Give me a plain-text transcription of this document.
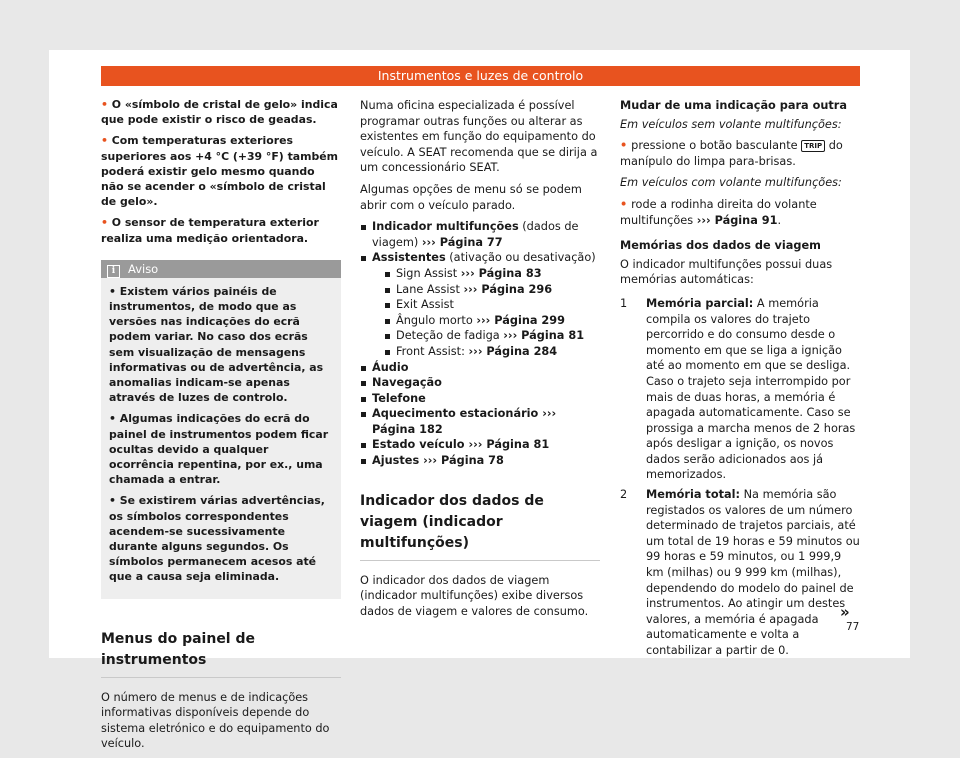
Instrumentos e luzes de controlo

• O «símbolo de cristal de gelo» indica que pode existir o risco de geadas.

• Com temperaturas exteriores superiores aos +4 °C (+39 °F) também poderá existir gelo mesmo quando não se acender o «símbolo de cristal de gelo».

• O sensor de temperatura exterior realiza uma medição orientadora.

i Aviso

• Existem vários painéis de instrumentos, de modo que as versões nas indicações do ecrã podem variar. No caso dos ecrãs sem visualização de mensagens informativas ou de advertência, as anomalias indicam-se apenas através de luzes de controlo.

• Algumas indicações do ecrã do painel de instrumentos podem ficar ocultas devido a qualquer ocorrência repentina, por ex., uma chamada a entrar.

• Se existirem várias advertências, os símbolos correspondentes acendem-se sucessivamente durante alguns segundos. Os símbolos permanecem acesos até que a causa seja eliminada.

Menus do painel de instrumentos

O número de menus e de indicações informativas disponíveis depende do sistema eletrónico e do equipamento do veículo.

Numa oficina especializada é possível programar outras funções ou alterar as existentes em função do equipamento do veículo. A SEAT recomenda que se dirija a um concessionário SEAT.

Algumas opções de menu só se podem abrir com o veículo parado.

Indicador multifunções (dados de viagem) ››› Página 77
Assistentes (ativação ou desativação)
Sign Assist ››› Página 83
Lane Assist ››› Página 296
Exit Assist
Ângulo morto ››› Página 299
Deteção de fadiga ››› Página 81
Front Assist: ››› Página 284
Áudio
Navegação
Telefone
Aquecimento estacionário ››› Página 182
Estado veículo ››› Página 81
Ajustes ››› Página 78
Indicador dos dados de viagem (indicador multifunções)

O indicador dos dados de viagem (indicador multifunções) exibe diversos dados de viagem e valores de consumo.

Mudar de uma indicação para outra

Em veículos sem volante multifunções:

• pressione o botão basculante TRIP do manípulo do limpa para-brisas.

Em veículos com volante multifunções:

• rode a rodinha direita do volante multifunções ››› Página 91.

Memórias dos dados de viagem

O indicador multifunções possui duas memórias automáticas:

1 Memória parcial: A memória compila os valores do trajeto percorrido e do consumo desde o momento em que se liga a ignição até ao momento em que se desliga. Caso o trajeto seja interrompido por mais de duas horas, a memória é apagada automaticamente. Caso se prossiga a marcha menos de 2 horas após desligar a ignição, os novos dados serão adicionados aos já memorizados.
2 Memória total: Na memória são registados os valores de um número determinado de trajetos parciais, até um total de 19 horas e 59 minutos ou 99 horas e 59 minutos, ou 1 999,9 km (milhas) ou 9 999 km (milhas), dependendo do modelo do painel de instrumentos. Ao atingir um destes valores, a memória é apagada automaticamente e volta a contabilizar a partir de 0.
»
77
